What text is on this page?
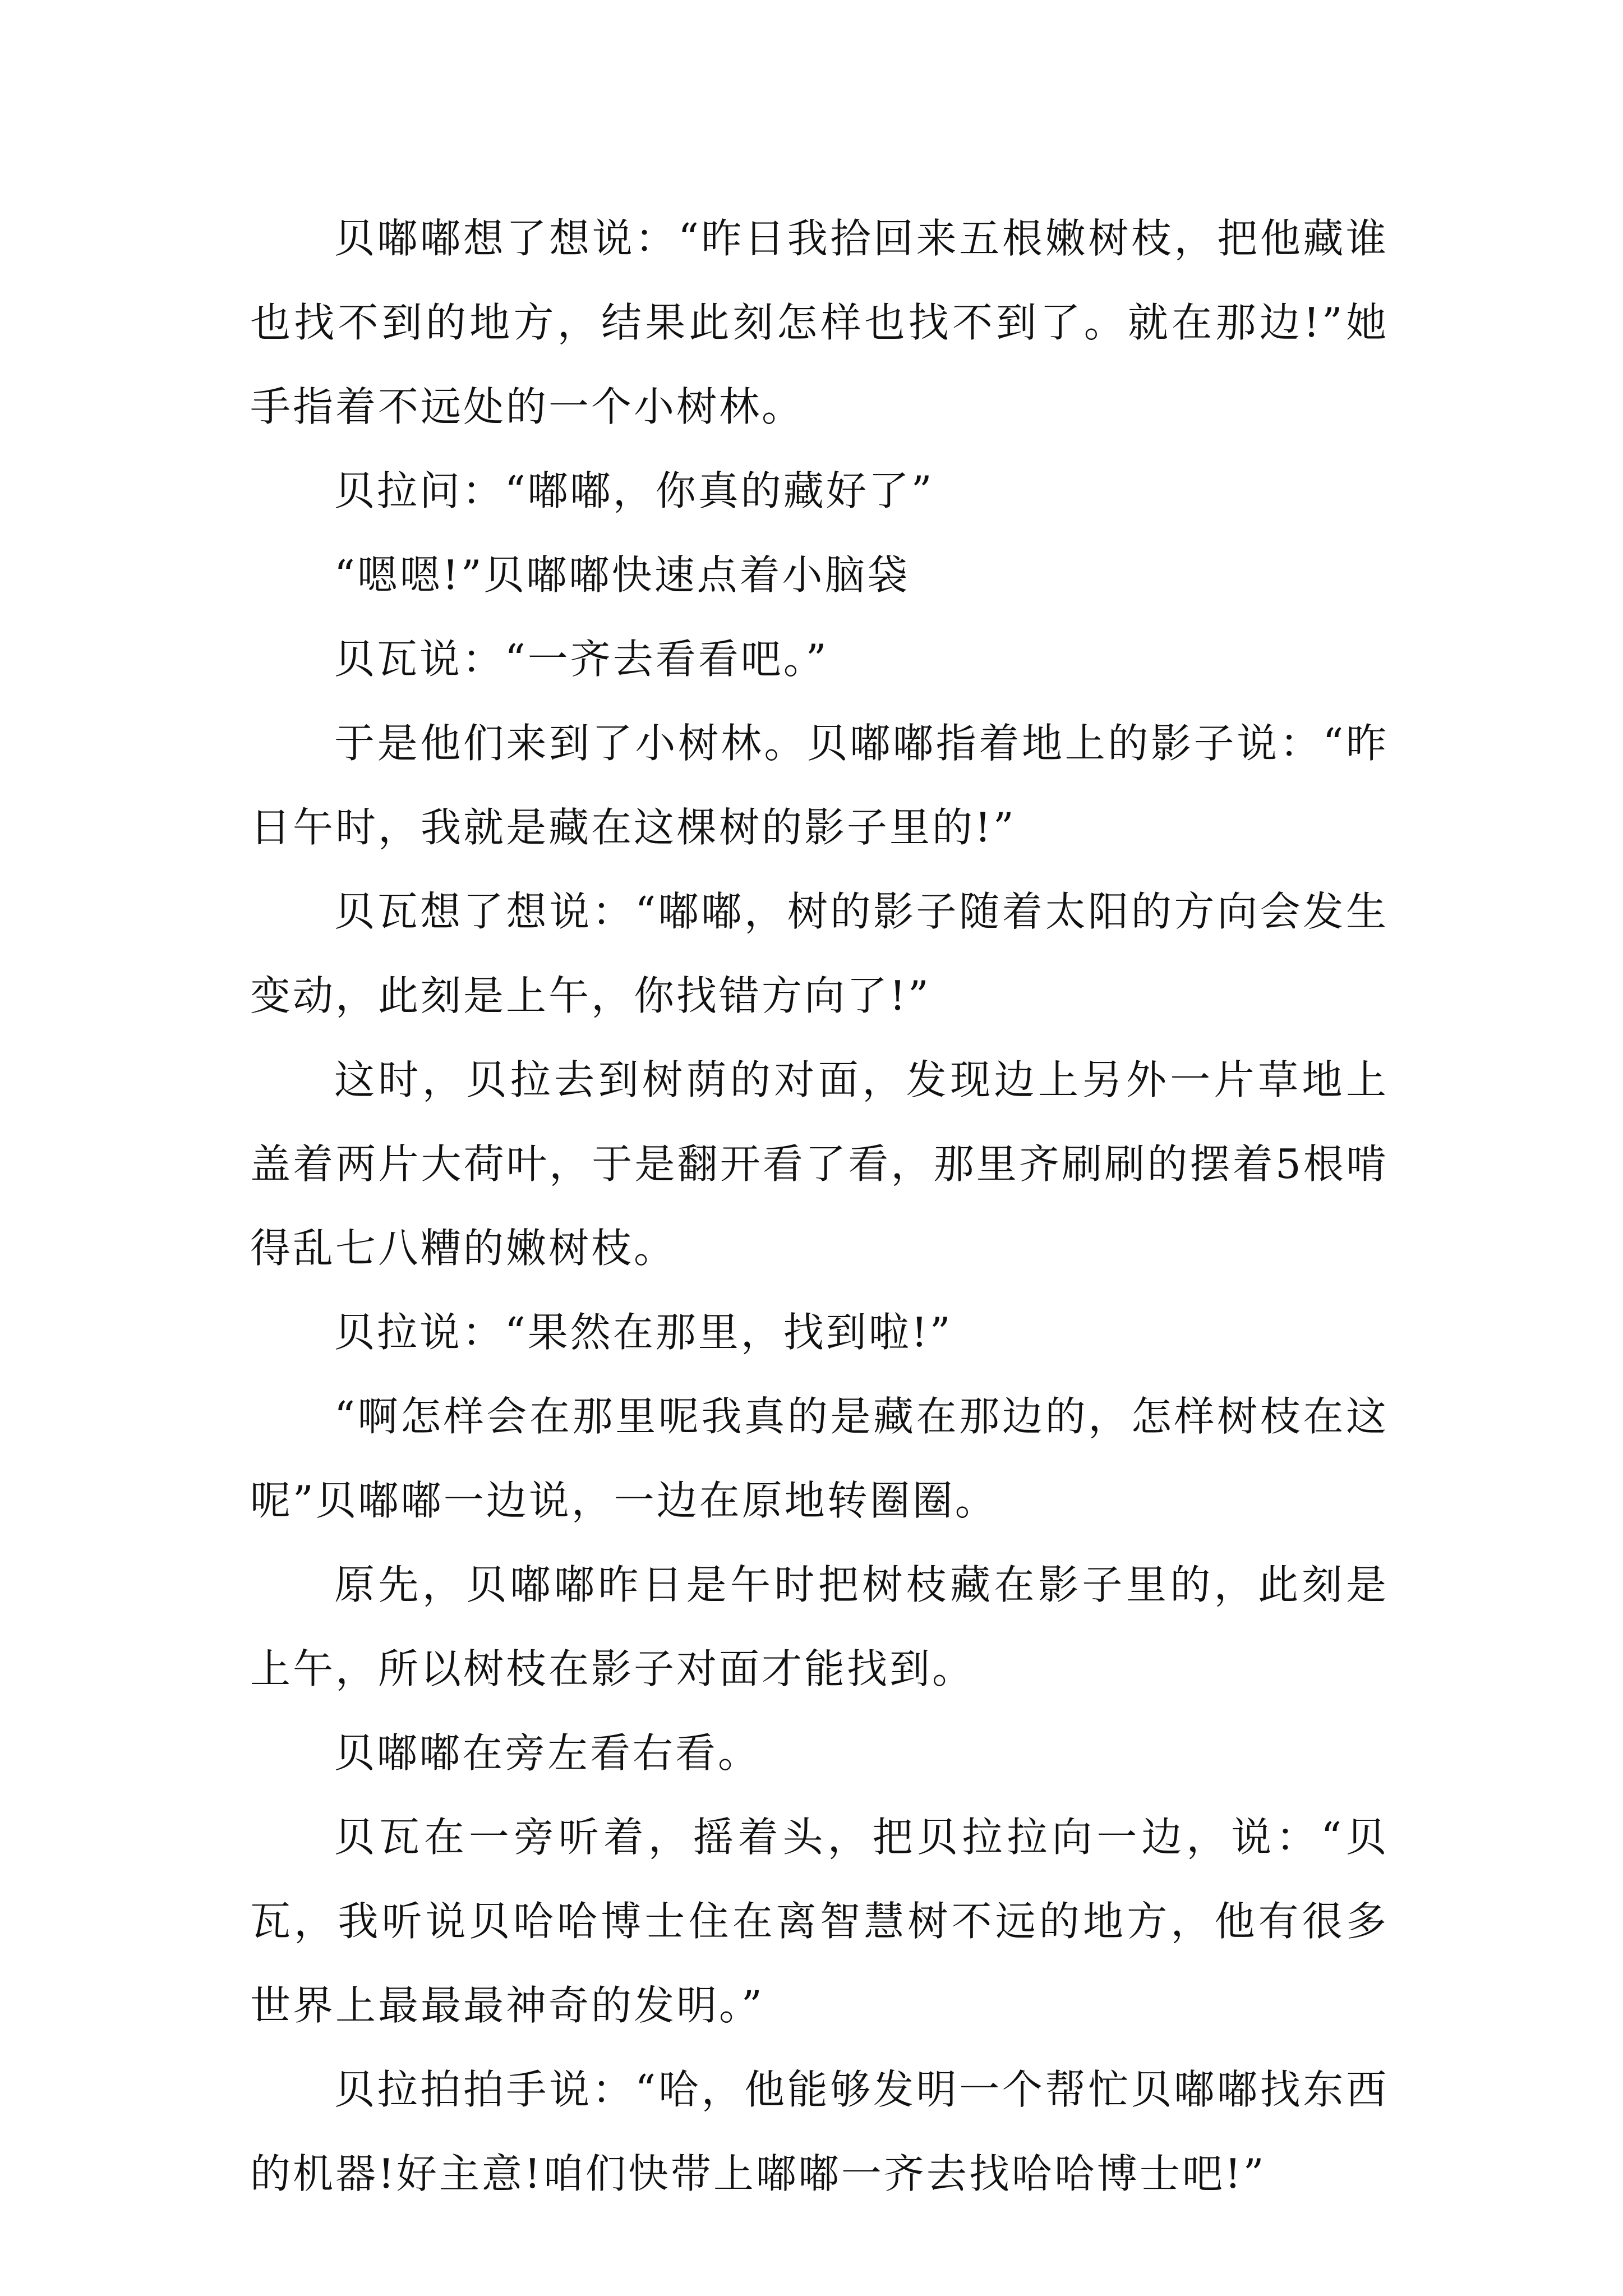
贝嘟嘟想了想说：“昨日我拾回来五根嫩树枝，把他藏谁也找不到的地方，结果此刻怎样也找不到了。就在那边!”她手指着不远处的一个小树林。

贝拉问：“嘟嘟，你真的藏好了”

“嗯嗯!”贝嘟嘟快速点着小脑袋

贝瓦说：“一齐去看看吧。”

于是他们来到了小树林。贝嘟嘟指着地上的影子说：“昨日午时，我就是藏在这棵树的影子里的!”

贝瓦想了想说：“嘟嘟，树的影子随着太阳的方向会发生变动，此刻是上午，你找错方向了!”

这时，贝拉去到树荫的对面，发现边上另外一片草地上盖着两片大荷叶，于是翻开看了看，那里齐刷刷的摆着5根啃得乱七八糟的嫩树枝。

贝拉说：“果然在那里，找到啦!”

“啊怎样会在那里呢我真的是藏在那边的，怎样树枝在这呢”贝嘟嘟一边说，一边在原地转圈圈。

原先，贝嘟嘟昨日是午时把树枝藏在影子里的，此刻是上午，所以树枝在影子对面才能找到。

贝嘟嘟在旁左看右看。

贝瓦在一旁听着，摇着头，把贝拉拉向一边，说：“贝瓦，我听说贝哈哈博士住在离智慧树不远的地方，他有很多世界上最最最神奇的发明。”

贝拉拍拍手说：“哈，他能够发明一个帮忙贝嘟嘟找东西的机器!好主意!咱们快带上嘟嘟一齐去找哈哈博士吧!”
